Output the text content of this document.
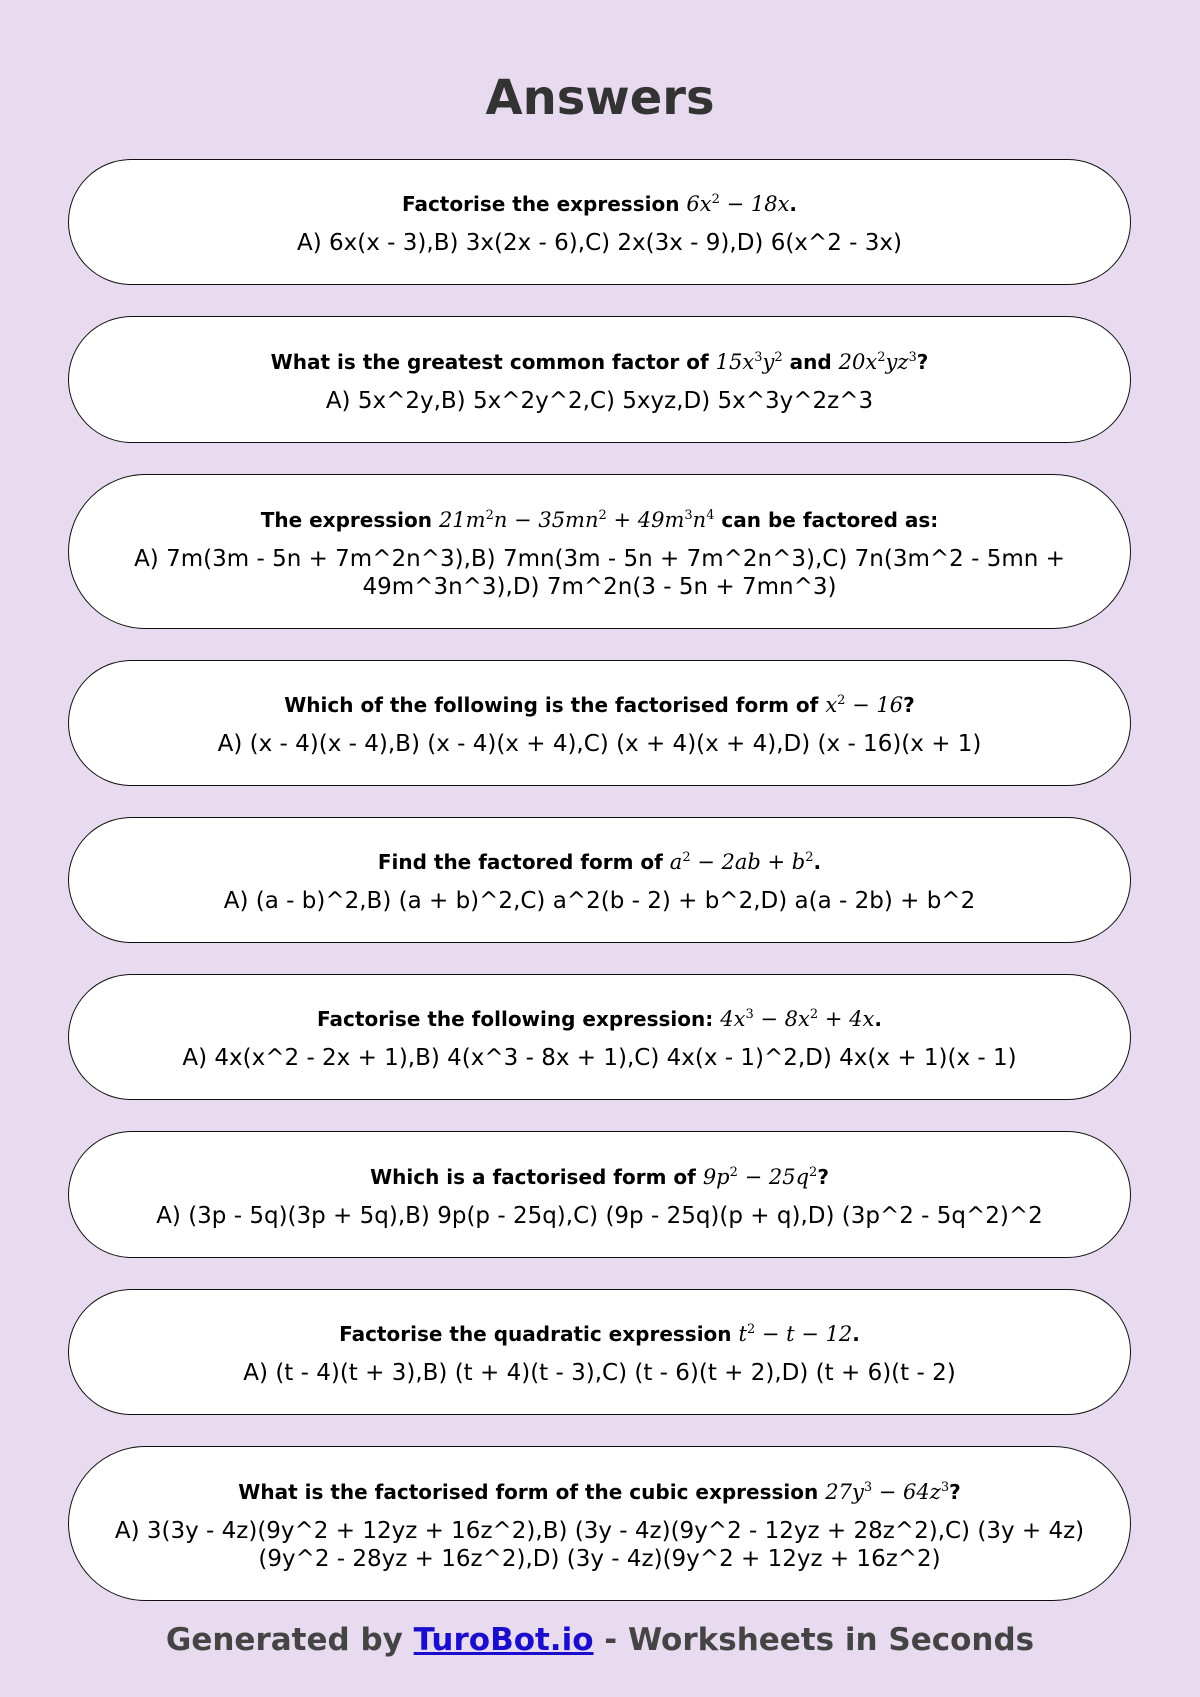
Answers

Factorise the expression $6x^2 - 18x$.

A) 6x(x - 3),B) 3x(2x - 6),C) 2x(3x - 9),D) 6(x^2 - 3x)

What is the greatest common factor of $15x^3y^2$ and $20x^2yz^3$?

A) 5x^2y,B) 5x^2y^2,C) 5xyz,D) 5x^3y^2z^3

The expression $21m^2n - 35mn^2 + 49m^3n^4$ can be factored as:

A) 7m(3m - 5n + 7m^2n^3),B) 7mn(3m - 5n + 7m^2n^3),C) 7n(3m^2 - 5mn + 49m^3n^3),D) 7m^2n(3 - 5n + 7mn^3)

Which of the following is the factorised form of $x^2 - 16$?

A) (x - 4)(x - 4),B) (x - 4)(x + 4),C) (x + 4)(x + 4),D) (x - 16)(x + 1)

Find the factored form of $a^2 - 2ab + b^2$.

A) (a - b)^2,B) (a + b)^2,C) a^2(b - 2) + b^2,D) a(a - 2b) + b^2

Factorise the following expression: $4x^3 - 8x^2 + 4x$.

A) 4x(x^2 - 2x + 1),B) 4(x^3 - 8x + 1),C) 4x(x - 1)^2,D) 4x(x + 1)(x - 1)

Which is a factorised form of $9p^2 - 25q^2$?

A) (3p - 5q)(3p + 5q),B) 9p(p - 25q),C) (9p - 25q)(p + q),D) (3p^2 - 5q^2)^2

Factorise the quadratic expression $t^2 - t - 12$.

A) (t - 4)(t + 3),B) (t + 4)(t - 3),C) (t - 6)(t + 2),D) (t + 6)(t - 2)

What is the factorised form of the cubic expression $27y^3 - 64z^3$?

A) 3(3y - 4z)(9y^2 + 12yz + 16z^2),B) (3y - 4z)(9y^2 - 12yz + 28z^2),C) (3y + 4z)(9y^2 - 28yz + 16z^2),D) (3y - 4z)(9y^2 + 12yz + 16z^2)

Generated by TuroBot.io - Worksheets in Seconds
